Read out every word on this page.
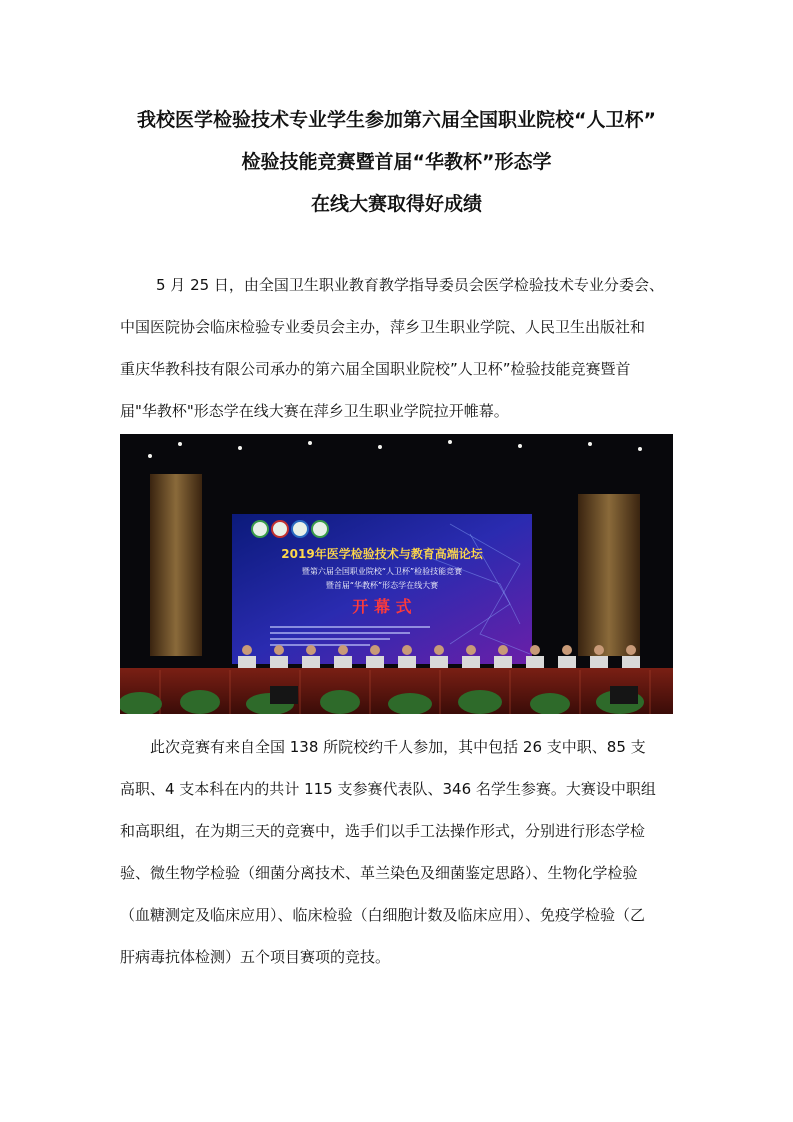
我校医学检验技术专业学生参加第六届全国职业院校“人卫杯”
检验技能竞赛暨首届“华教杯”形态学
在线大赛取得好成绩

5 月 25 日，由全国卫生职业教育教学指导委员会医学检验技术专业分委会、

中国医院协会临床检验专业委员会主办，萍乡卫生职业学院、人民卫生出版社和

重庆华教科技有限公司承办的第六届全国职业院校”人卫杯”检验技能竞赛暨首

届"华教杯"形态学在线大赛在萍乡卫生职业学院拉开帷幕。

2019年医学检验技术与教育高端论坛
暨第六届全国职业院校“人卫杯”检验技能竞赛
暨首届“华教杯”形态学在线大赛
开 幕 式

此次竞赛有来自全国 138 所院校约千人参加，其中包括 26 支中职、85 支

高职、4 支本科在内的共计 115 支参赛代表队、346 名学生参赛。大赛设中职组

和高职组，在为期三天的竞赛中，选手们以手工法操作形式，分别进行形态学检

验、微生物学检验（细菌分离技术、革兰染色及细菌鉴定思路）、生物化学检验

（血糖测定及临床应用）、临床检验（白细胞计数及临床应用）、免疫学检验（乙

肝病毒抗体检测）五个项目赛项的竞技。
